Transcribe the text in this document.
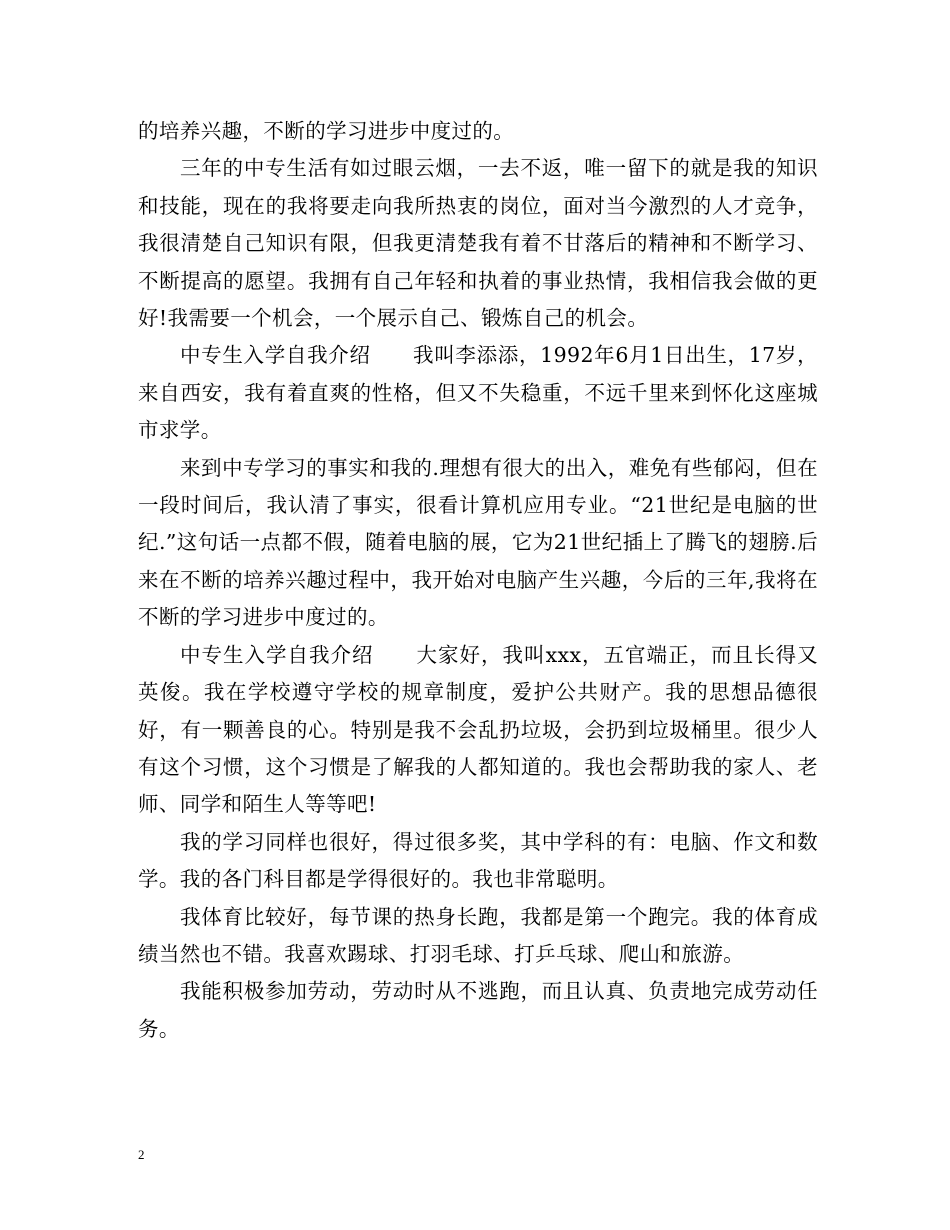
的培养兴趣，不断的学习进步中度过的。

三年的中专生活有如过眼云烟，一去不返，唯一留下的就是我的知识和技能，现在的我将要走向我所热衷的岗位，面对当今激烈的人才竞争，我很清楚自己知识有限，但我更清楚我有着不甘落后的精神和不断学习、不断提高的愿望。我拥有自己年轻和执着的事业热情，我相信我会做的更好!我需要一个机会，一个展示自己、锻炼自己的机会。

中专生入学自我介绍　　我叫李添添，1992年6月1日出生，17岁，来自西安，我有着直爽的性格，但又不失稳重，不远千里来到怀化这座城市求学。

来到中专学习的事实和我的.理想有很大的出入，难免有些郁闷，但在一段时间后，我认清了事实，很看计算机应用专业。“21世纪是电脑的世纪.”这句话一点都不假，随着电脑的展，它为21世纪插上了腾飞的翅膀.后来在不断的培养兴趣过程中，我开始对电脑产生兴趣，今后的三年,我将在不断的学习进步中度过的。

中专生入学自我介绍　　大家好，我叫xxx，五官端正，而且长得又英俊。我在学校遵守学校的规章制度，爱护公共财产。我的思想品德很好，有一颗善良的心。特别是我不会乱扔垃圾，会扔到垃圾桶里。很少人有这个习惯，这个习惯是了解我的人都知道的。我也会帮助我的家人、老师、同学和陌生人等等吧!

我的学习同样也很好，得过很多奖，其中学科的有：电脑、作文和数学。我的各门科目都是学得很好的。我也非常聪明。

我体育比较好，每节课的热身长跑，我都是第一个跑完。我的体育成绩当然也不错。我喜欢踢球、打羽毛球、打乒乓球、爬山和旅游。

我能积极参加劳动，劳动时从不逃跑，而且认真、负责地完成劳动任务。

2
